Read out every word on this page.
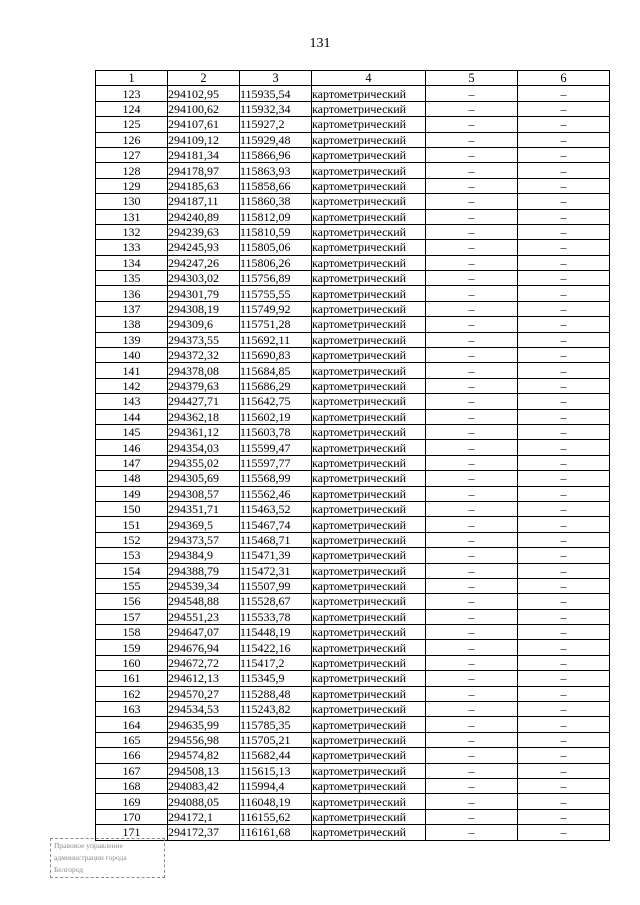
131
1	2	3	4	5	6
123	294102,95	115935,54	картометрический	–	–
124	294100,62	115932,34	картометрический	–	–
125	294107,61	115927,2	картометрический	–	–
126	294109,12	115929,48	картометрический	–	–
127	294181,34	115866,96	картометрический	–	–
128	294178,97	115863,93	картометрический	–	–
129	294185,63	115858,66	картометрический	–	–
130	294187,11	115860,38	картометрический	–	–
131	294240,89	115812,09	картометрический	–	–
132	294239,63	115810,59	картометрический	–	–
133	294245,93	115805,06	картометрический	–	–
134	294247,26	115806,26	картометрический	–	–
135	294303,02	115756,89	картометрический	–	–
136	294301,79	115755,55	картометрический	–	–
137	294308,19	115749,92	картометрический	–	–
138	294309,6	115751,28	картометрический	–	–
139	294373,55	115692,11	картометрический	–	–
140	294372,32	115690,83	картометрический	–	–
141	294378,08	115684,85	картометрический	–	–
142	294379,63	115686,29	картометрический	–	–
143	294427,71	115642,75	картометрический	–	–
144	294362,18	115602,19	картометрический	–	–
145	294361,12	115603,78	картометрический	–	–
146	294354,03	115599,47	картометрический	–	–
147	294355,02	115597,77	картометрический	–	–
148	294305,69	115568,99	картометрический	–	–
149	294308,57	115562,46	картометрический	–	–
150	294351,71	115463,52	картометрический	–	–
151	294369,5	115467,74	картометрический	–	–
152	294373,57	115468,71	картометрический	–	–
153	294384,9	115471,39	картометрический	–	–
154	294388,79	115472,31	картометрический	–	–
155	294539,34	115507,99	картометрический	–	–
156	294548,88	115528,67	картометрический	–	–
157	294551,23	115533,78	картометрический	–	–
158	294647,07	115448,19	картометрический	–	–
159	294676,94	115422,16	картометрический	–	–
160	294672,72	115417,2	картометрический	–	–
161	294612,13	115345,9	картометрический	–	–
162	294570,27	115288,48	картометрический	–	–
163	294534,53	115243,82	картометрический	–	–
164	294635,99	115785,35	картометрический	–	–
165	294556,98	115705,21	картометрический	–	–
166	294574,82	115682,44	картометрический	–	–
167	294508,13	115615,13	картометрический	–	–
168	294083,42	115994,4	картометрический	–	–
169	294088,05	116048,19	картометрический	–	–
170	294172,1	116155,62	картометрический	–	–
171	294172,37	116161,68	картометрический	–	–
Правовое управление
администрации города
Белгород
